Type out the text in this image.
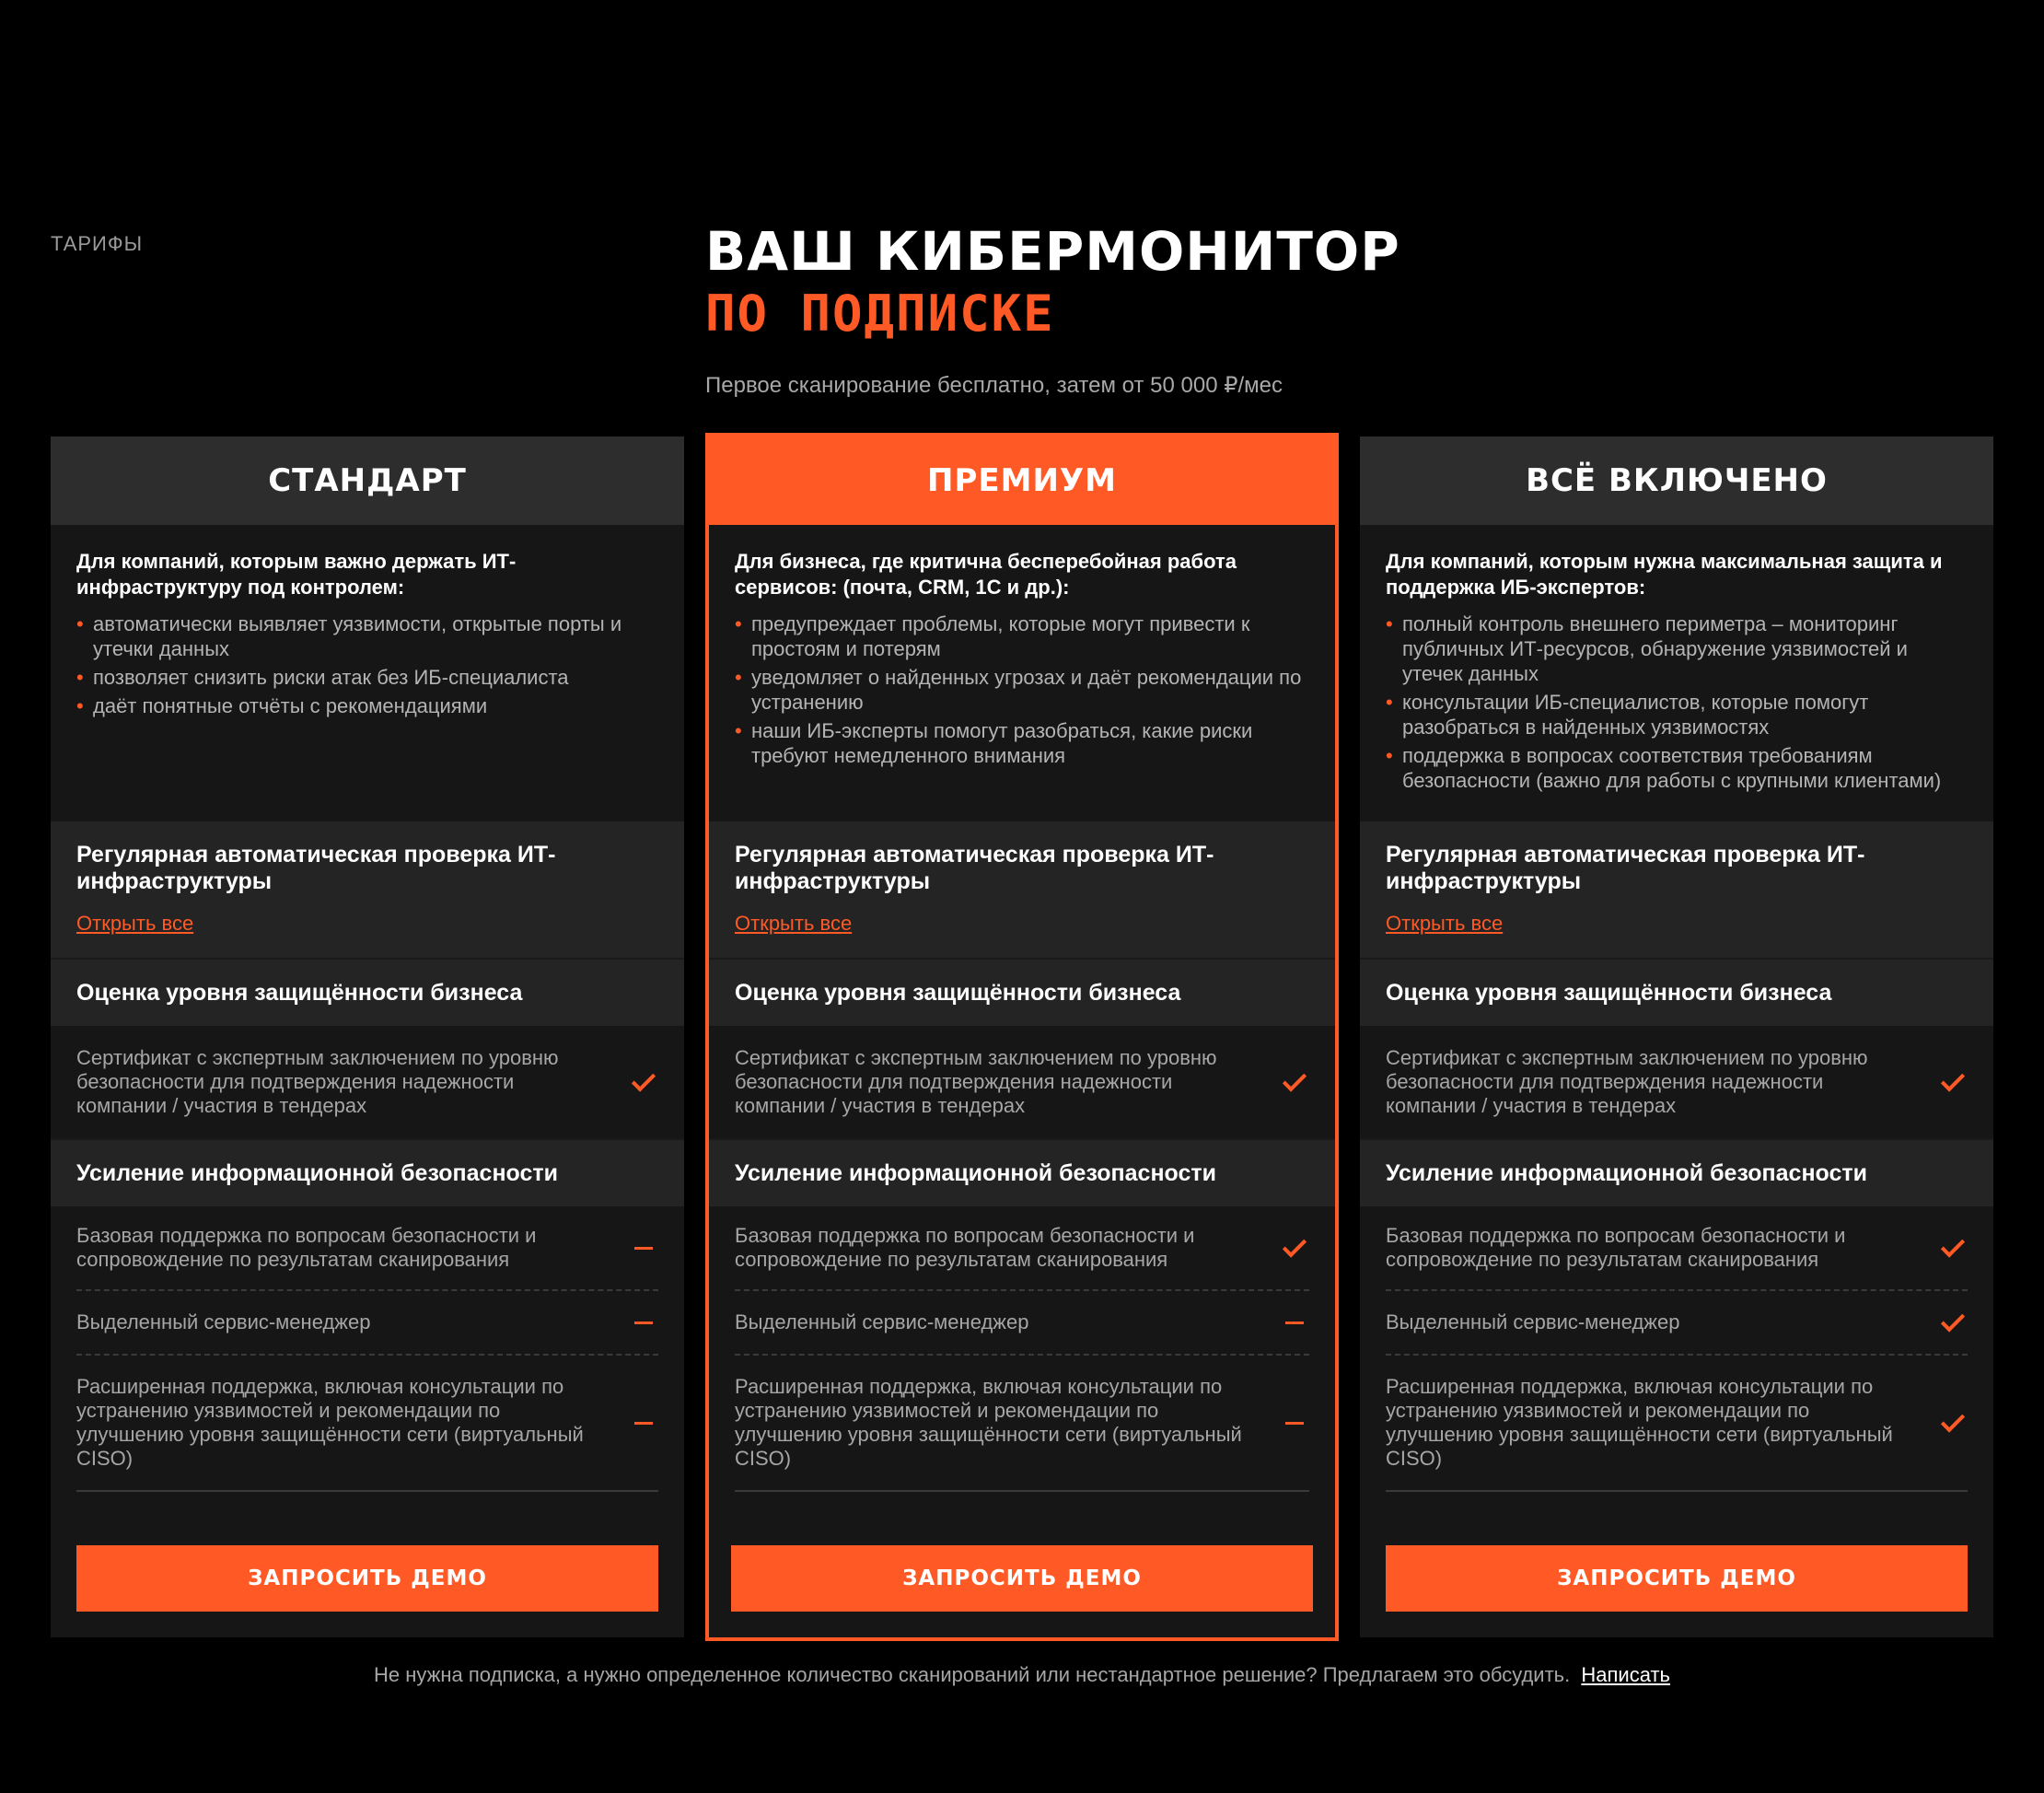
ТАРИФЫ	ВАШ КИБЕРМОНИТОР
ПО ПОДПИСКЕ
Первое сканирование бесплатно, затем от 50 000 ₽/мес
СТАНДАРТ
Для компаний, которым важно держать ИТ-инфраструктуру под контролем:
• автоматически выявляет уязвимости, открытые порты и утечки данных
• позволяет снизить риски атак без ИБ-специалиста
• даёт понятные отчёты с рекомендациями
Регулярная автоматическая проверка ИТ-инфраструктуры
Открыть все
Оценка уровня защищённости бизнеса
Сертификат с экспертным заключением по уровню безопасности для подтверждения надежности компании / участия в тендерах
Усиление информационной безопасности
Базовая поддержка по вопросам безопасности и сопровождение по результатам сканирования
Выделенный сервис-менеджер
Расширенная поддержка, включая консультации по устранению уязвимостей и рекомендации по улучшению уровня защищённости сети (виртуальный CISO)
ЗАПРОСИТЬ ДЕМО
ПРЕМИУМ
Для бизнеса, где критична бесперебойная работа сервисов: (почта, CRM, 1С и др.):
• предупреждает проблемы, которые могут привести к простоям и потерям
• уведомляет о найденных угрозах и даёт рекомендации по устранению
• наши ИБ-эксперты помогут разобраться, какие риски требуют немедленного внимания
Регулярная автоматическая проверка ИТ-инфраструктуры
Открыть все
Оценка уровня защищённости бизнеса
Сертификат с экспертным заключением по уровню безопасности для подтверждения надежности компании / участия в тендерах
Усиление информационной безопасности
Базовая поддержка по вопросам безопасности и сопровождение по результатам сканирования
Выделенный сервис-менеджер
Расширенная поддержка, включая консультации по устранению уязвимостей и рекомендации по улучшению уровня защищённости сети (виртуальный CISO)
ЗАПРОСИТЬ ДЕМО
ВСЁ ВКЛЮЧЕНО
Для компаний, которым нужна максимальная защита и поддержка ИБ-экспертов:
• полный контроль внешнего периметра – мониторинг публичных ИТ-ресурсов, обнаружение уязвимостей и утечек данных
• консультации ИБ-специалистов, которые помогут разобраться в найденных уязвимостях
• поддержка в вопросах соответствия требованиям безопасности (важно для работы с крупными клиентами)
Регулярная автоматическая проверка ИТ-инфраструктуры
Открыть все
Оценка уровня защищённости бизнеса
Сертификат с экспертным заключением по уровню безопасности для подтверждения надежности компании / участия в тендерах
Усиление информационной безопасности
Базовая поддержка по вопросам безопасности и сопровождение по результатам сканирования
Выделенный сервис-менеджер
Расширенная поддержка, включая консультации по устранению уязвимостей и рекомендации по улучшению уровня защищённости сети (виртуальный CISO)
ЗАПРОСИТЬ ДЕМО
Не нужна подписка, а нужно определенное количество сканирований или нестандартное решение? Предлагаем это обсудить. Написать
